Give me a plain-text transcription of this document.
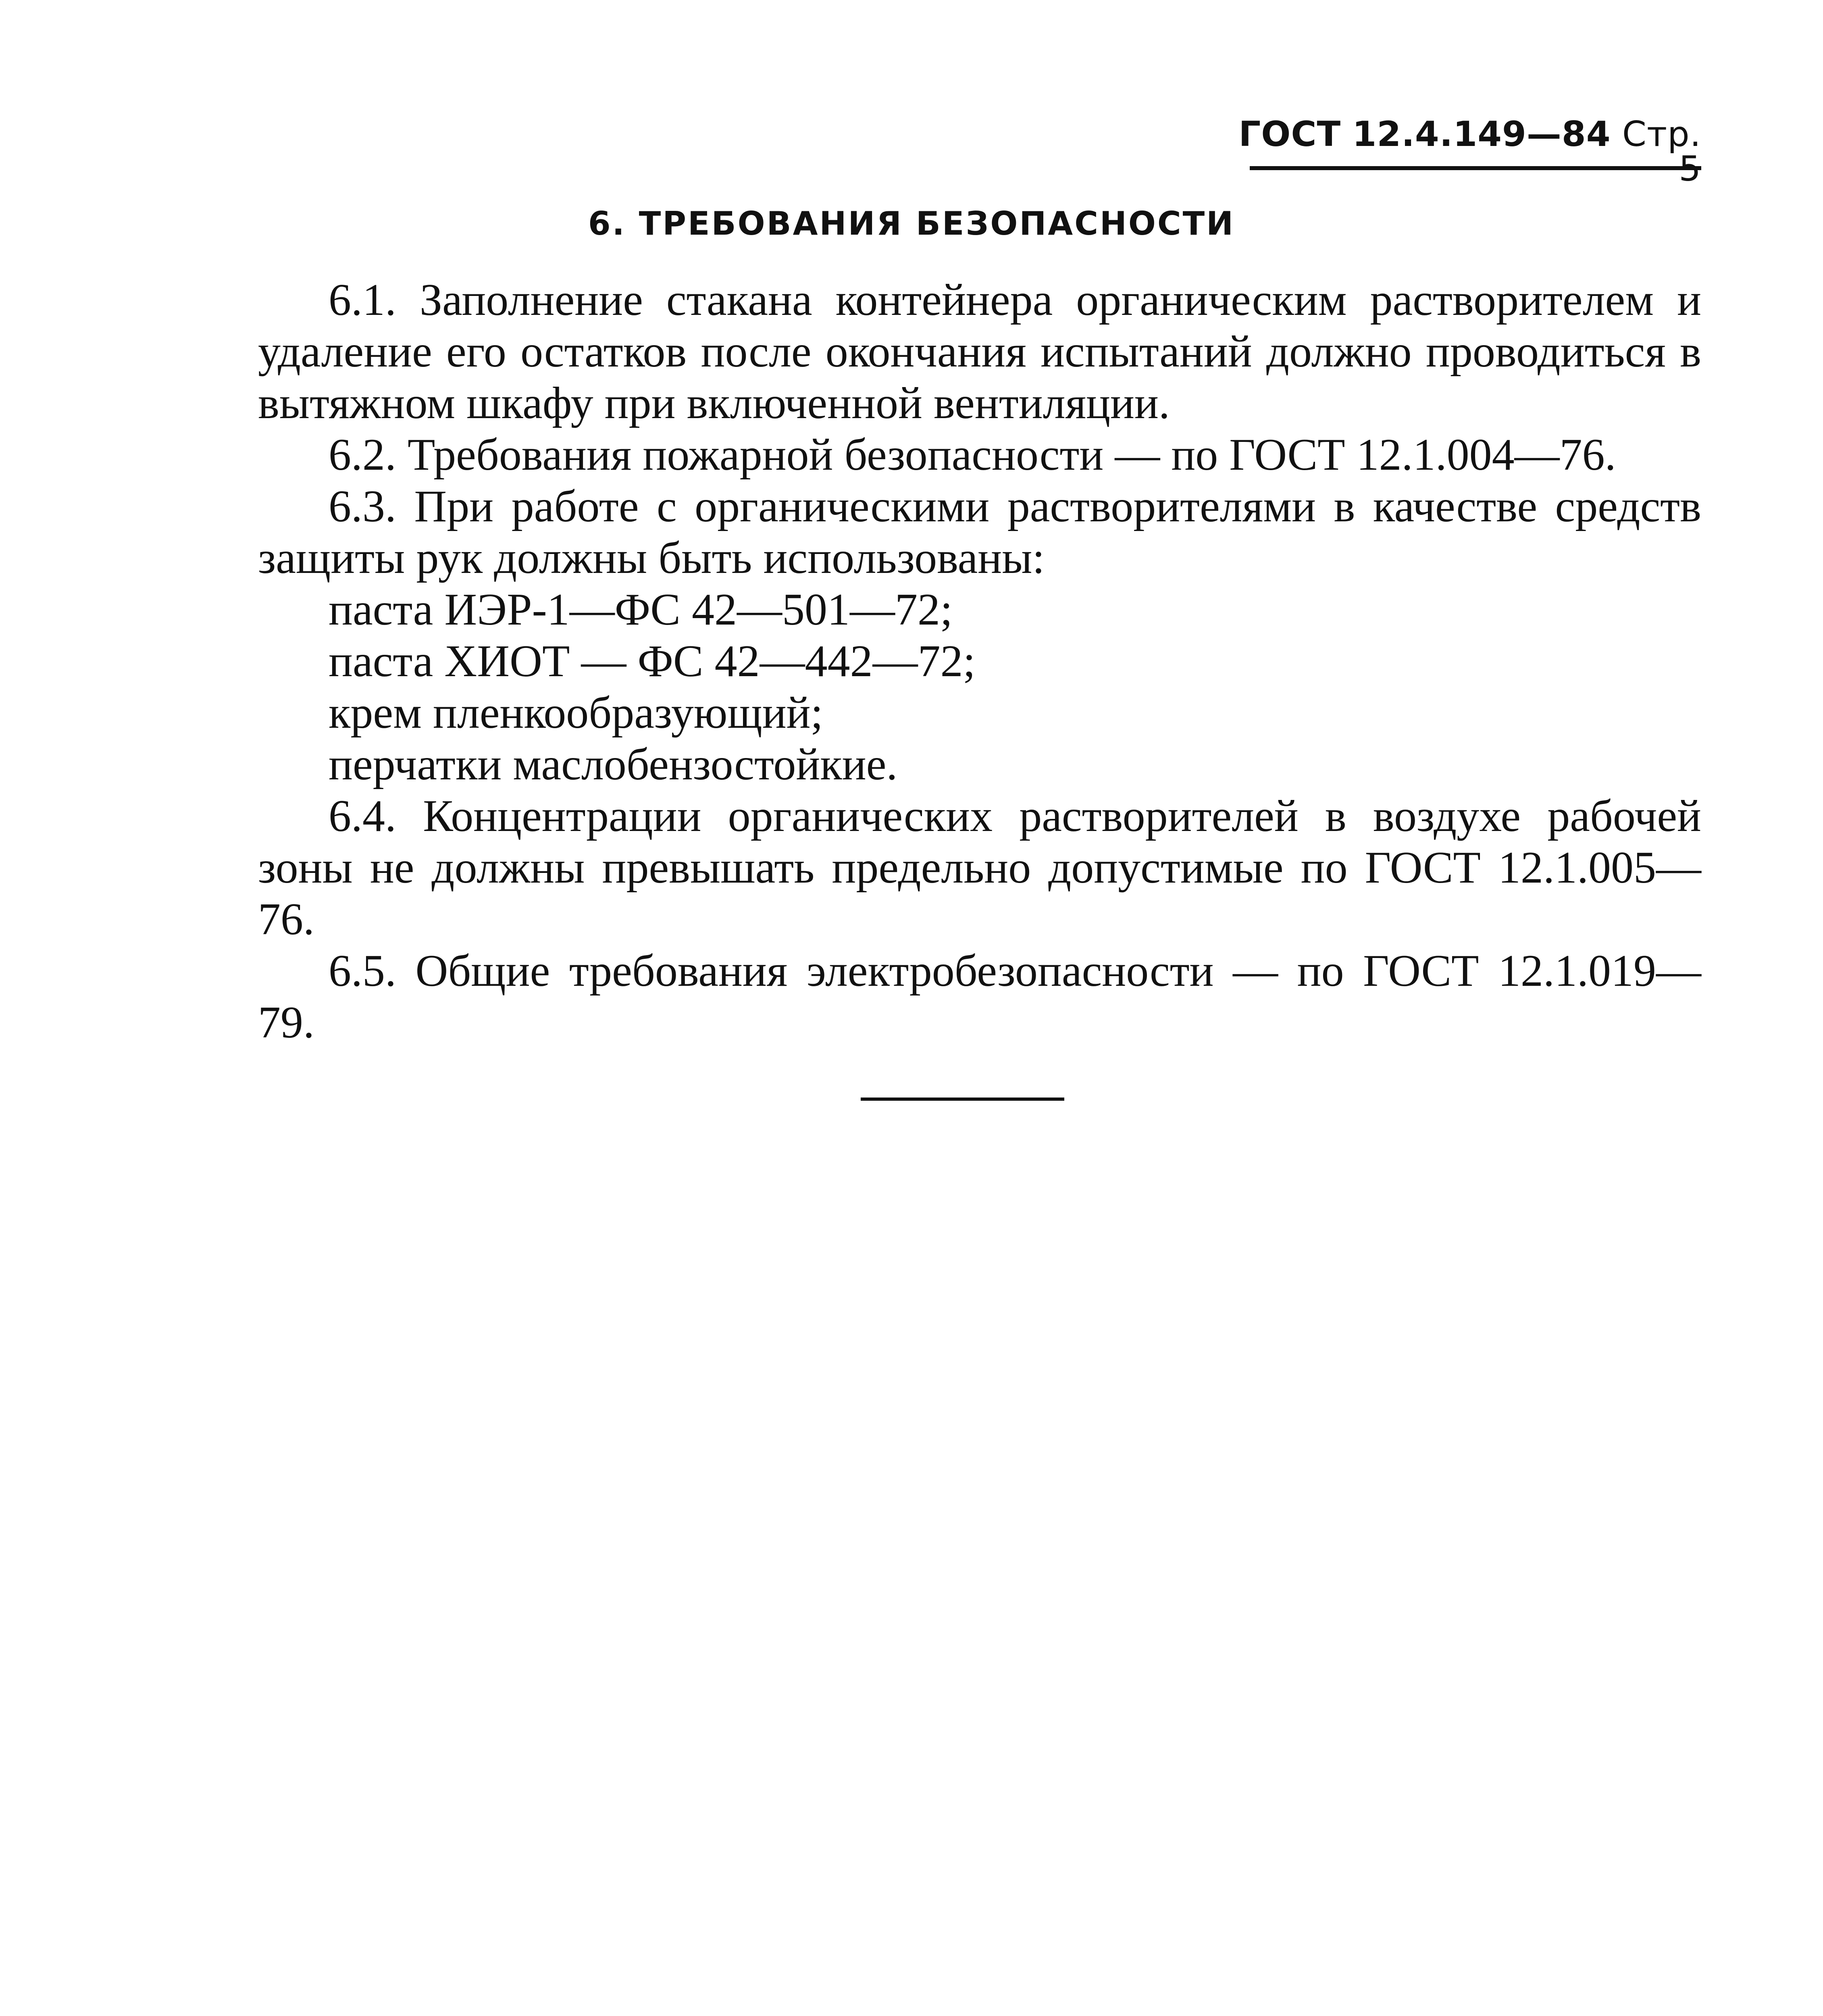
ГОСТ 12.4.149—84 Стр.
6. ТРЕБОВАНИЯ БЕЗОПАСНОСТИ

6.1. Заполнение стакана контейнера органическим растворителем и удаление его остатков после окончания испытаний должно проводиться в вытяжном шкафу при включенной вентиляции.

6.2. Требования пожарной безопасности — по ГОСТ 12.1.004—76.

6.3. При работе с органическими растворителями в качестве средств защиты рук должны быть использованы:

паста ИЭР-1—ФС 42—501—72;

паста ХИОТ — ФС 42—442—72;

крем пленкообразующий;

перчатки маслобензостойкие.

6.4. Концентрации органических растворителей в воздухе рабочей зоны не должны превышать предельно допустимые по ГОСТ 12.1.005—76.

6.5. Общие требования электробезопасности — по ГОСТ 12.1.019—79.
